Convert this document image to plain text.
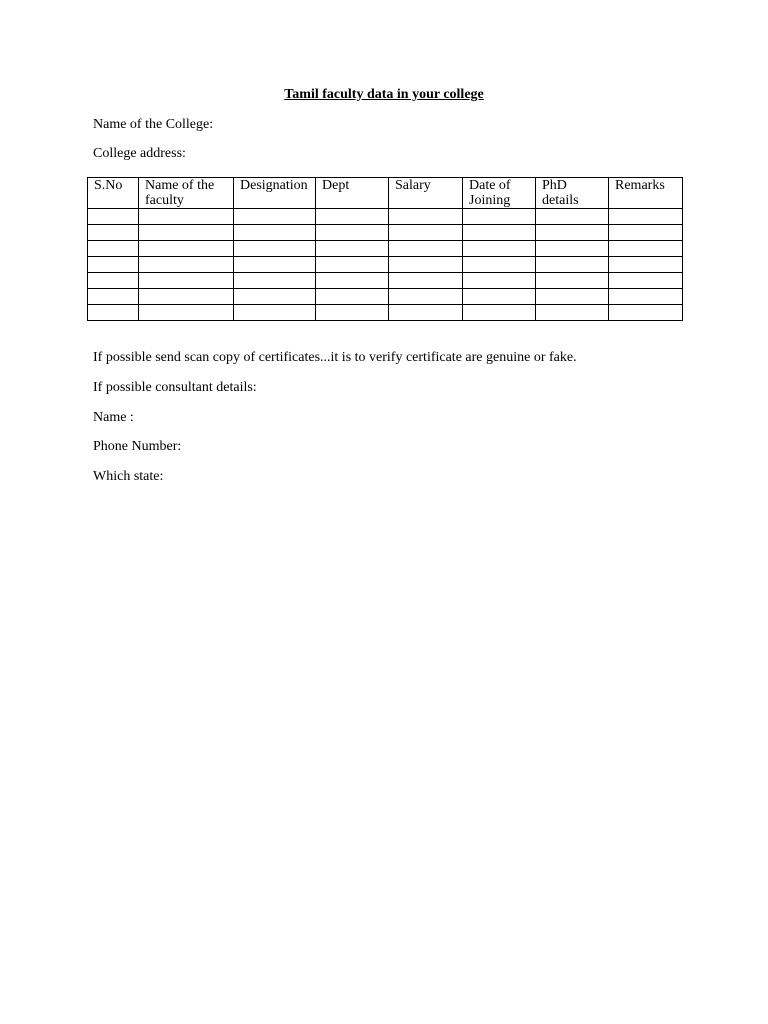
Tamil faculty data in your college
Name of the College:
College address:
S.No	Name of the faculty	Designation	Dept	Salary	Date of Joining	PhD details	Remarks

If possible send scan copy of certificates...it is to verify certificate are genuine or fake.
If possible consultant details:
Name :
Phone Number:
Which state:
